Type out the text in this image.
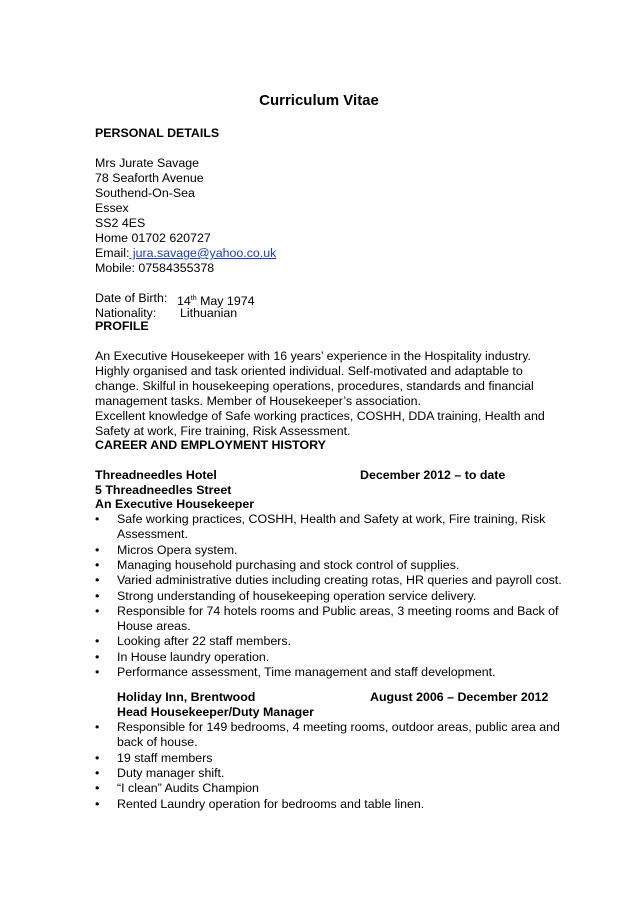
Curriculum Vitae
PERSONAL DETAILS
Mrs Jurate Savage
78 Seaforth Avenue
Southend-On-Sea
Essex
SS2 4ES
Home 01702 620727
Email: jura.savage@yahoo.co.uk
Mobile: 07584355378
Date of Birth: 14th May 1974
Nationality: Lithuanian
PROFILE
An Executive Housekeeper with 16 years’ experience in the Hospitality industry.
Highly organised and task oriented individual. Self-motivated and adaptable to
change. Skilful in housekeeping operations, procedures, standards and financial
management tasks. Member of Housekeeper’s association.
Excellent knowledge of Safe working practices, COSHH, DDA training, Health and
Safety at work, Fire training, Risk Assessment.
CAREER AND EMPLOYMENT HISTORY
Threadneedles Hotel	December 2012 – to date
5 Threadneedles Street
An Executive Housekeeper
• Safe working practices, COSHH, Health and Safety at work, Fire training, Risk
Assessment.
• Micros Opera system.
• Managing household purchasing and stock control of supplies.
• Varied administrative duties including creating rotas, HR queries and payroll cost.
• Strong understanding of housekeeping operation service delivery.
• Responsible for 74 hotels rooms and Public areas, 3 meeting rooms and Back of
House areas.
• Looking after 22 staff members.
• In House laundry operation.
• Performance assessment, Time management and staff development.
Holiday Inn, Brentwood	August 2006 – December 2012
Head Housekeeper/Duty Manager
• Responsible for 149 bedrooms, 4 meeting rooms, outdoor areas, public area and
back of house.
• 19 staff members
• Duty manager shift.
• “I clean” Audits Champion
• Rented Laundry operation for bedrooms and table linen.
